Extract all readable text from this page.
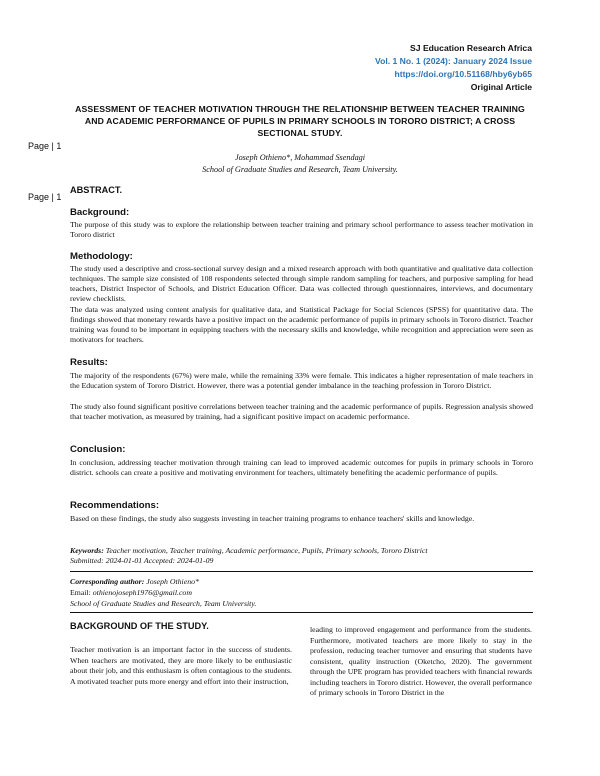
SJ Education Research Africa
Vol. 1 No. 1 (2024): January 2024 Issue
https://doi.org/10.51168/hby6yb65
Original Article
ASSESSMENT OF TEACHER MOTIVATION THROUGH THE RELATIONSHIP BETWEEN TEACHER TRAINING AND ACADEMIC PERFORMANCE OF PUPILS IN PRIMARY SCHOOLS IN TORORO DISTRICT; A CROSS SECTIONAL STUDY.
Page | 1
Page | 1
Joseph Othieno*, Mohammad Ssendagi
School of Graduate Studies and Research, Team University.
ABSTRACT.
Background:
The purpose of this study was to explore the relationship between teacher training and primary school performance to assess teacher motivation in Tororo district
Methodology:
The study used a descriptive and cross-sectional survey design and a mixed research approach with both quantitative and qualitative data collection techniques. The sample size consisted of 108 respondents selected through simple random sampling for teachers, and purposive sampling for head teachers, District Inspector of Schools, and District Education Officer. Data was collected through questionnaires, interviews, and documentary review checklists.
The data was analyzed using content analysis for qualitative data, and Statistical Package for Social Sciences (SPSS) for quantitative data. The findings showed that monetary rewards have a positive impact on the academic performance of pupils in primary schools in Tororo district. Teacher training was found to be important in equipping teachers with the necessary skills and knowledge, while recognition and appreciation were seen as motivators for teachers.
Results:
The majority of the respondents (67%) were male, while the remaining 33% were female. This indicates a higher representation of male teachers in the Education system of Tororo District. However, there was a potential gender imbalance in the teaching profession in Tororo District.
The study also found significant positive correlations between teacher training and the academic performance of pupils. Regression analysis showed that teacher motivation, as measured by training, had a significant positive impact on academic performance.
Conclusion:
In conclusion, addressing teacher motivation through training can lead to improved academic outcomes for pupils in primary schools in Tororo district. schools can create a positive and motivating environment for teachers, ultimately benefiting the academic performance of pupils.
Recommendations:
Based on these findings, the study also suggests investing in teacher training programs to enhance teachers' skills and knowledge.
Keywords: Teacher motivation, Teacher training, Academic performance, Pupils, Primary schools, Tororo District
Submitted: 2024-01-01 Accepted: 2024-01-09
Corresponding author: Joseph Othieno*
Email: othienojoseph1976@gmail.com
School of Graduate Studies and Research, Team University.
BACKGROUND OF THE STUDY.
Teacher motivation is an important factor in the success of students. When teachers are motivated, they are more likely to be enthusiastic about their job, and this enthusiasm is often contagious to the students. A motivated teacher puts more energy and effort into their instruction,
leading to improved engagement and performance from the students. Furthermore, motivated teachers are more likely to stay in the profession, reducing teacher turnover and ensuring that students have consistent, quality instruction (Oketcho, 2020). The government through the UPE program has provided teachers with financial rewards including teachers in Tororo district. However, the overall performance of primary schools in Tororo District in the
